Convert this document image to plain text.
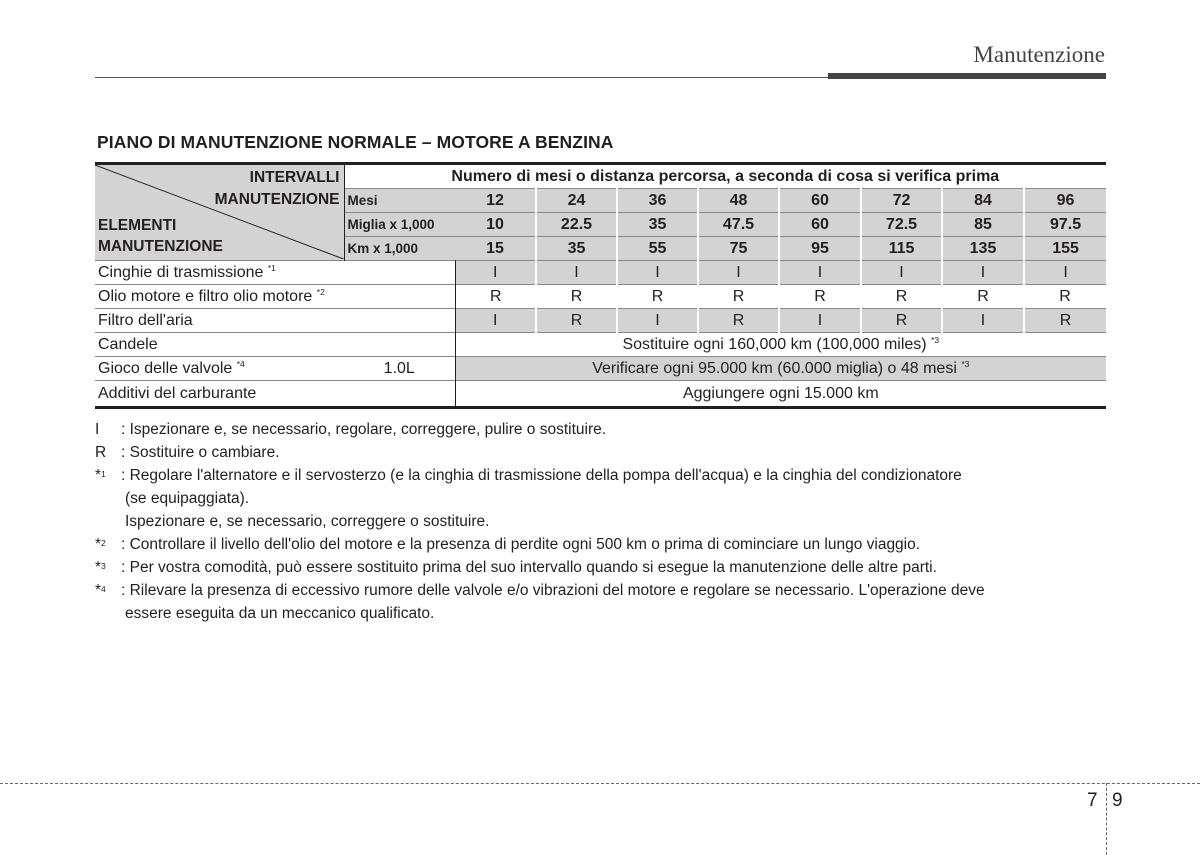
Manutenzione
PIANO DI MANUTENZIONE NORMALE – MOTORE A BENZINA
INTERVALLI
MANUTENZIONE
ELEMENTI
MANUTENZIONE	Numero di mesi o distanza percorsa, a seconda di cosa si verifica prima								
	Mesi	12	24	36	48	60	72	84	96
	Miglia x 1,000	10	22.5	35	47.5	60	72.5	85	97.5
	Km x 1,000	15	35	55	75	95	115	135	155
Cinghie di trasmissione $^{*1}$		I	I	I	I	I	I	I	I
Olio motore e filtro olio motore $^{*2}$		R	R	R	R	R	R	R	R
Filtro dell'aria		I	R	I	R	I	R	I	R
Candele		Sostituire ogni 160,000 km (100,000 miles) $^{*3}$
Gioco delle valvole $^{*4}$	1.0L	Verificare ogni 95.000 km (60.000 miglia) o 48 mesi $^{*3}$
Additivi del carburante		Aggiungere ogni 15.000 km							
I : Ispezionare e, se necessario, regolare, correggere, pulire o sostituire.
R : Sostituire o cambiare.
*$^1$ : Regolare l'alternatore e il servosterzo (e la cinghia di trasmissione della pompa dell'acqua) e la cinghia del condizionatore
(se equipaggiata).
Ispezionare e, se necessario, correggere o sostituire.
*$^2$ : Controllare il livello dell'olio del motore e la presenza di perdite ogni 500 km o prima di cominciare un lungo viaggio.
*$^3$ : Per vostra comodità, può essere sostituito prima del suo intervallo quando si esegue la manutenzione delle altre parti.
*$^4$ : Rilevare la presenza di eccessivo rumore delle valvole e/o vibrazioni del motore e regolare se necessario. L'operazione deve
essere eseguita da un meccanico qualificato.
7 9
